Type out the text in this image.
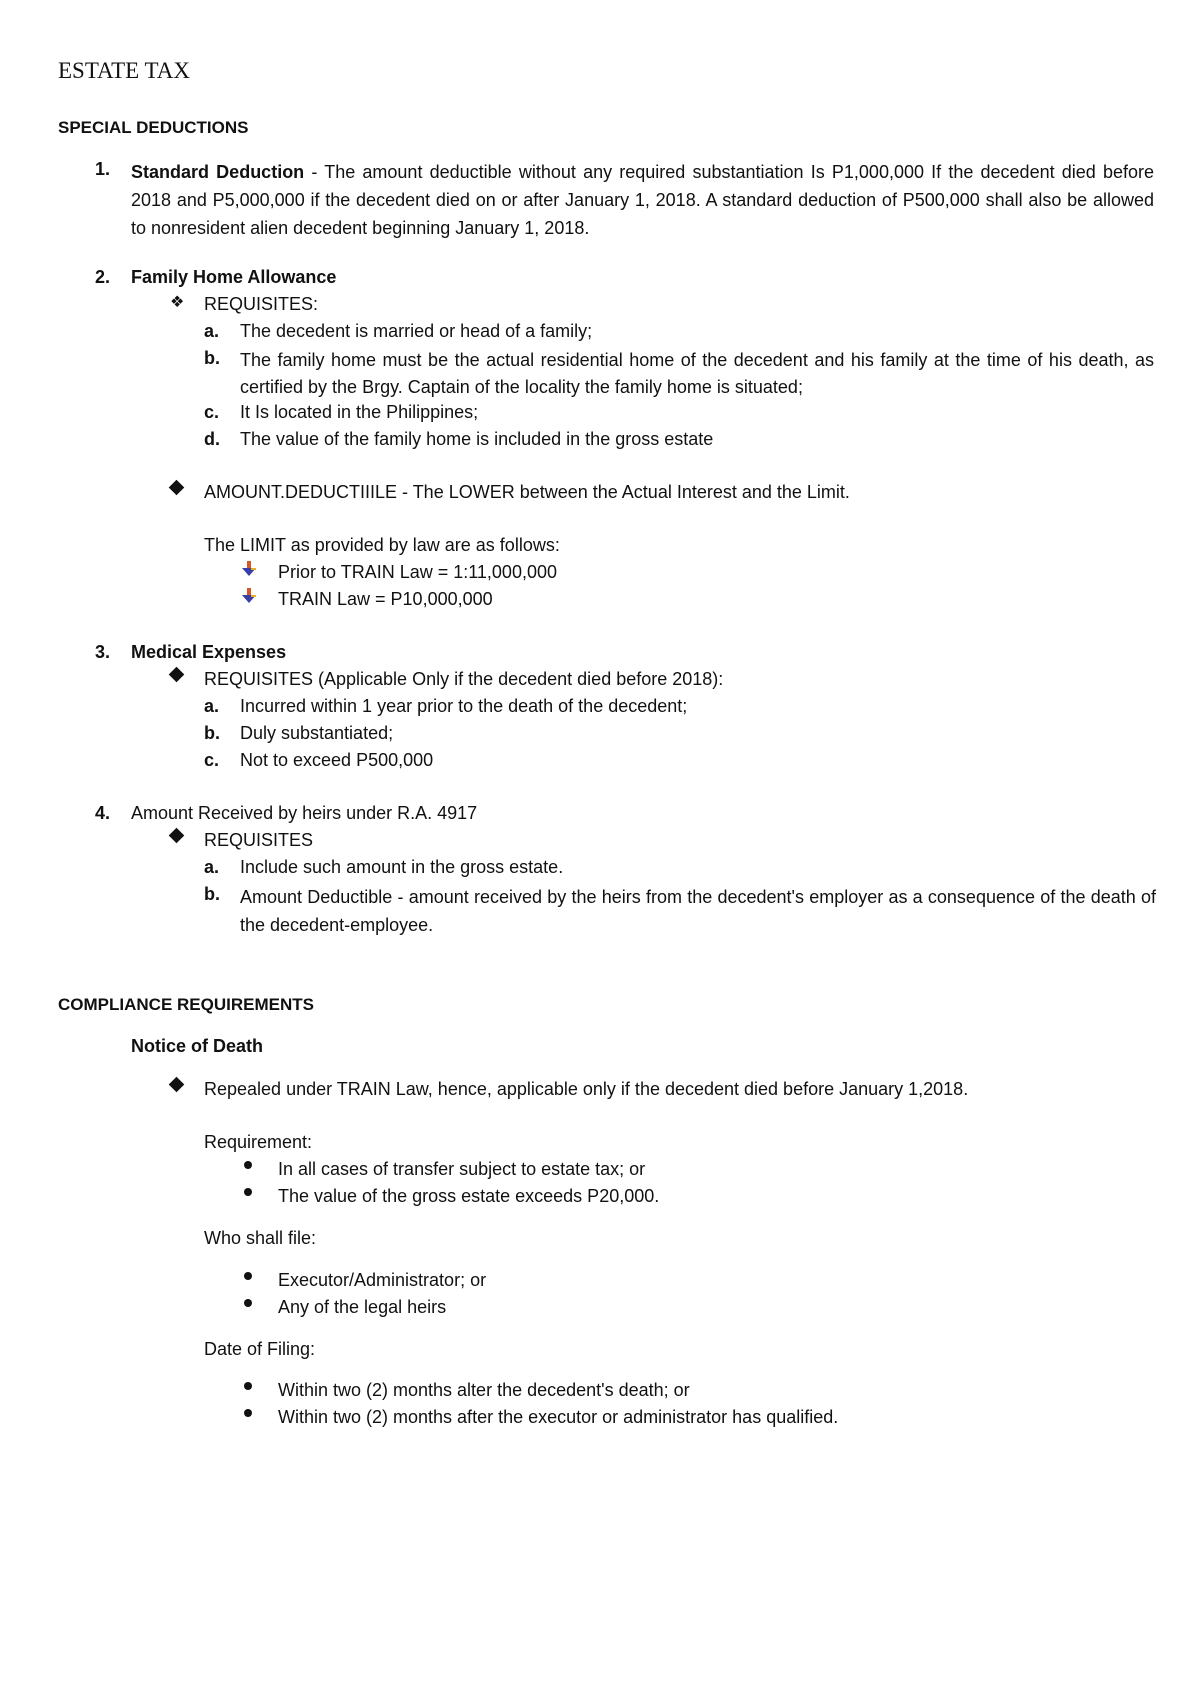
ESTATE TAX
SPECIAL DEDUCTIONS
1. Standard Deduction - The amount deductible without any required substantiation Is P1,000,000 If the decedent died before 2018 and P5,000,000 if the decedent died on or after January 1, 2018. A standard deduction of P500,000 shall also be allowed to nonresident alien decedent beginning January 1, 2018.
2. Family Home Allowance
❖ REQUISITES:
a. The decedent is married or head of a family;
b. The family home must be the actual residential home of the decedent and his family at the time of his death, as certified by the Brgy. Captain of the locality the family home is situated;
c. It Is located in the Philippines;
d. The value of the family home is included in the gross estate
AMOUNT.DEDUCTIIILE - The LOWER between the Actual Interest and the Limit.
The LIMIT as provided by law are as follows:
Prior to TRAIN Law = 1:11,000,000
TRAIN Law = P10,000,000
3. Medical Expenses
REQUISITES (Applicable Only if the decedent died before 2018):
a. Incurred within 1 year prior to the death of the decedent;
b. Duly substantiated;
c. Not to exceed P500,000
4. Amount Received by heirs under R.A. 4917
REQUISITES
a. Include such amount in the gross estate.
b. Amount Deductible - amount received by the heirs from the decedent's employer as a consequence of the death of the decedent-employee.
COMPLIANCE REQUIREMENTS
Notice of Death
Repealed under TRAIN Law, hence, applicable only if the decedent died before January 1,2018.
Requirement:
In all cases of transfer subject to estate tax; or
The value of the gross estate exceeds P20,000.
Who shall file:
Executor/Administrator; or
Any of the legal heirs
Date of Filing:
Within two (2) months alter the decedent's death; or
Within two (2) months after the executor or administrator has qualified.
